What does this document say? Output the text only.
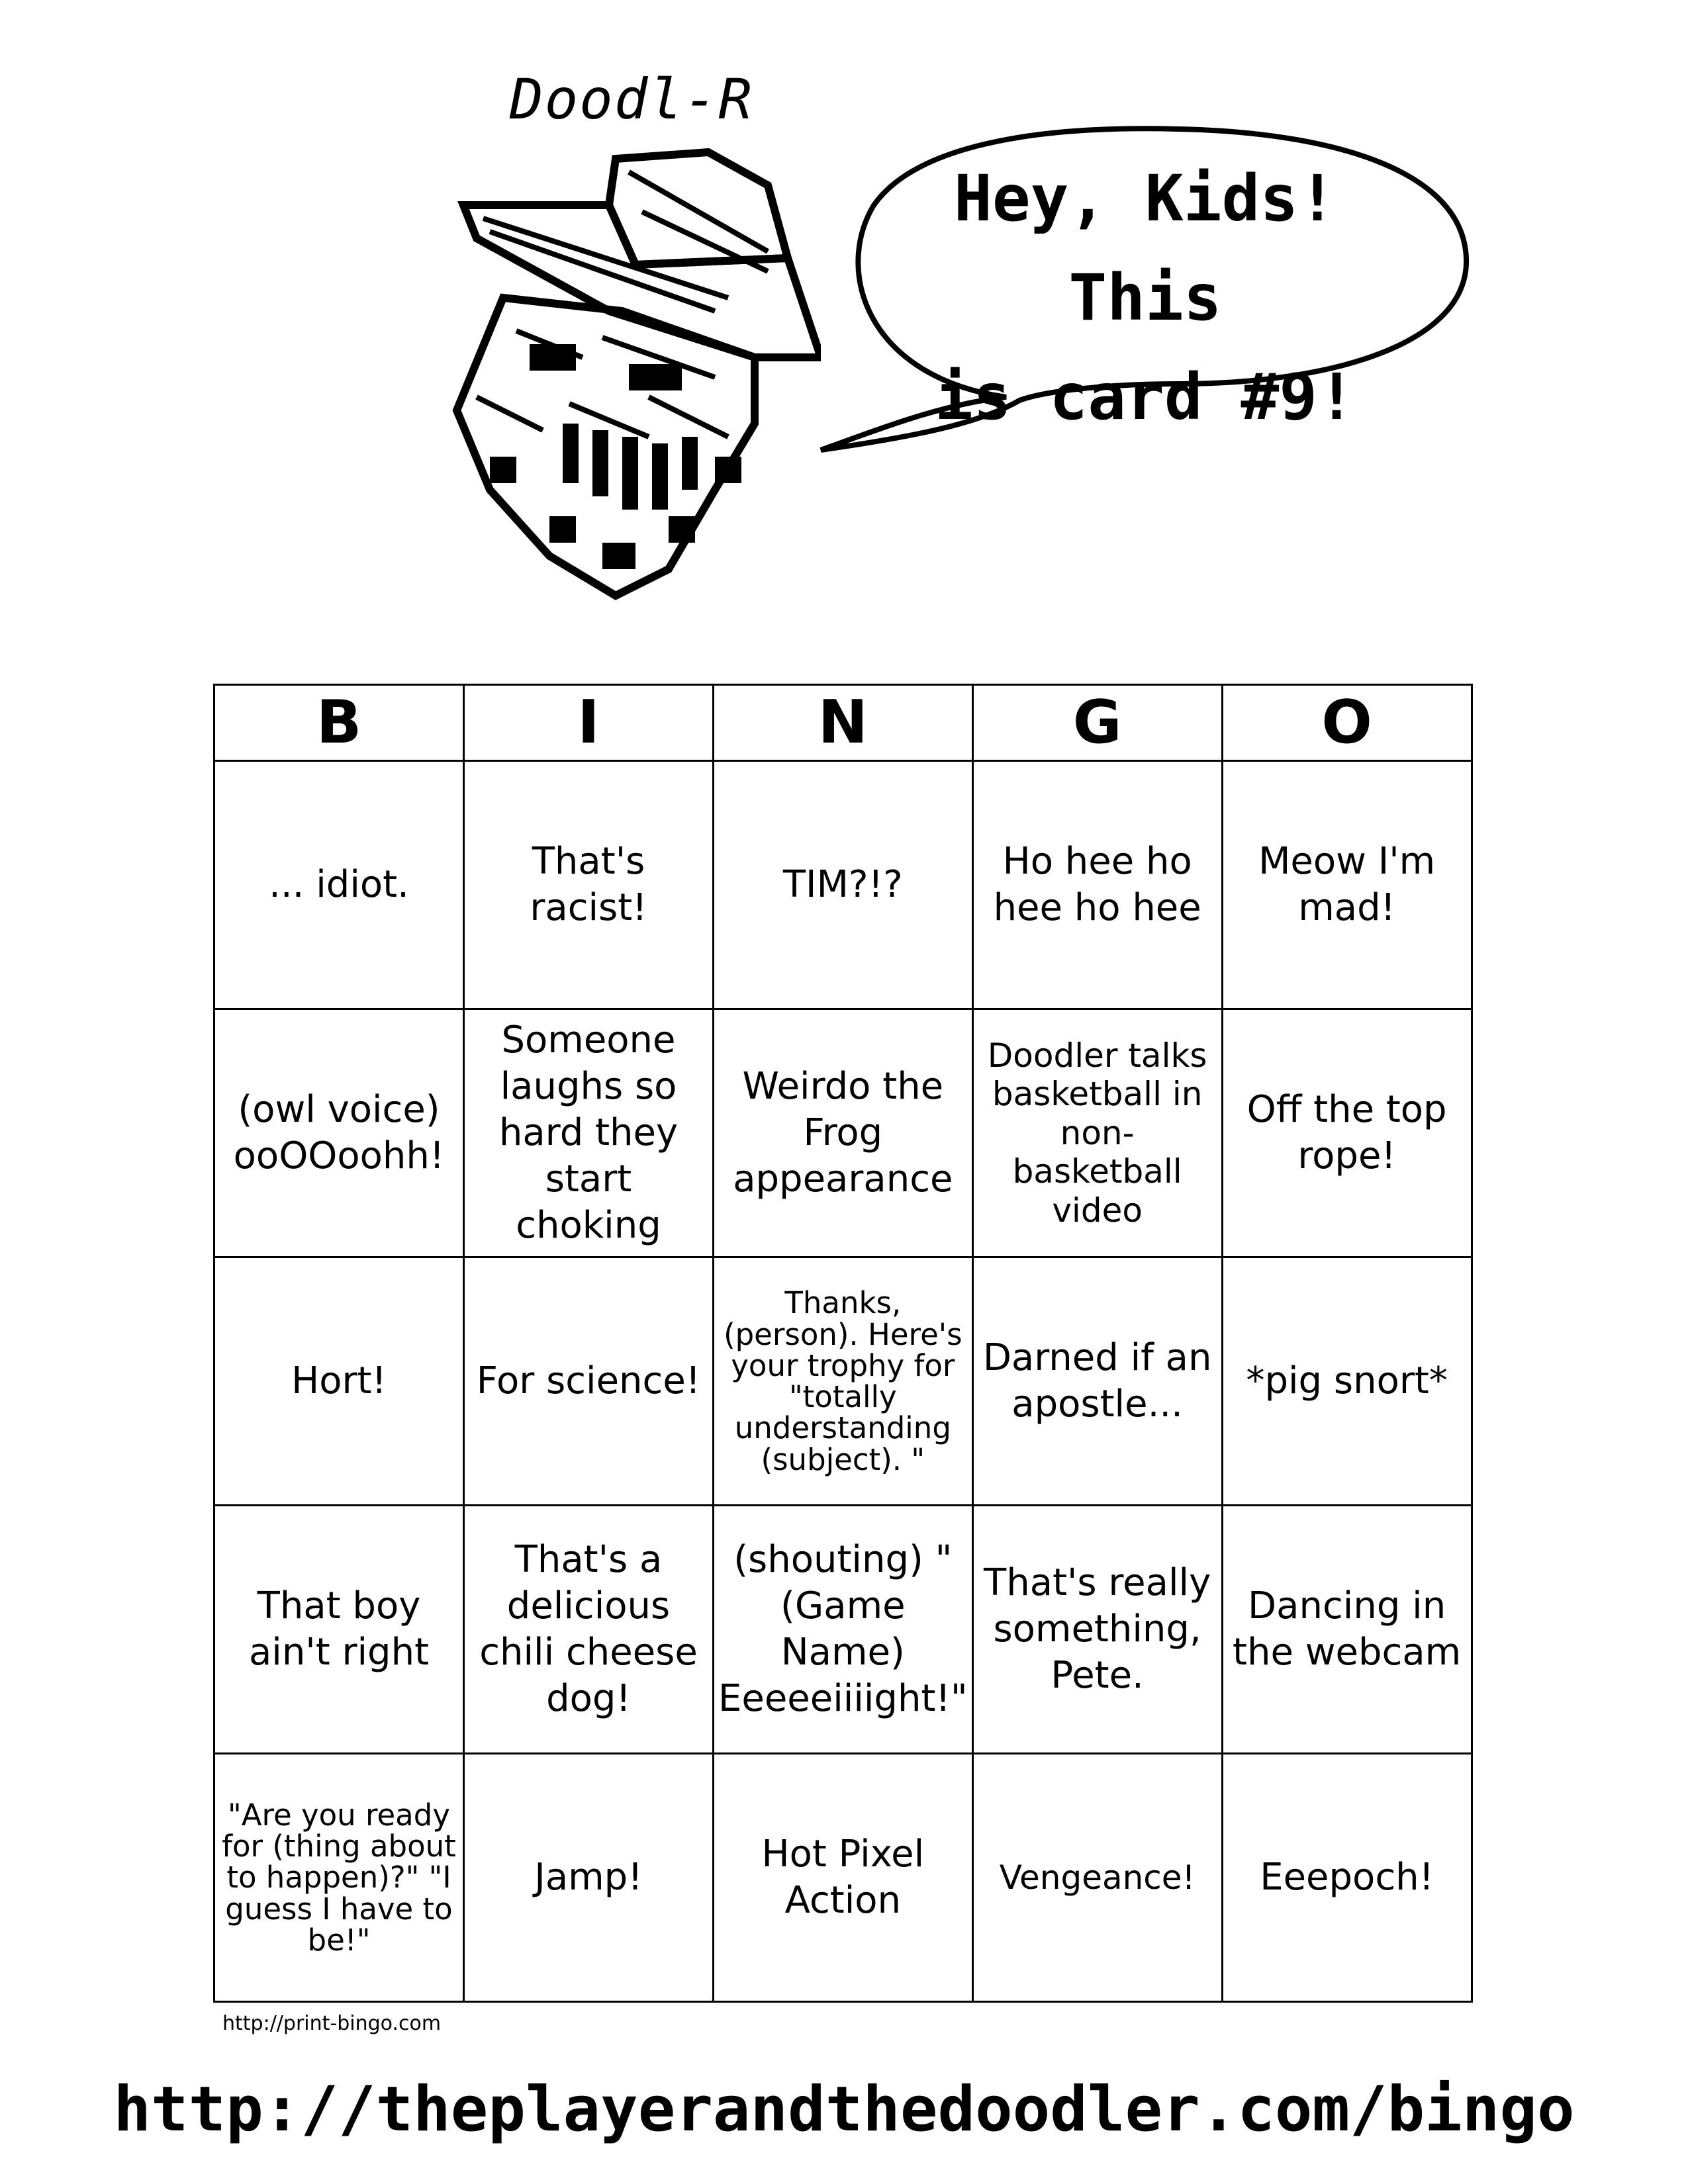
Doodl-R
Hey, Kids! This
is card #9!
B	I	N	G	O
... idiot.	That's racist!	TIM?!?	Ho hee ho hee ho hee	Meow I'm mad!
(owl voice) ooOOoohh!	Someone laughs so hard they start choking	Weirdo the Frog appearance	Doodler talks basketball in non-basketball video	Off the top rope!
Hort!	For science!	Thanks, (person). Here's your trophy for "totally understanding (subject). "	Darned if an apostle...	*pig snort*
That boy ain't right	That's a delicious chili cheese dog!	(shouting) "(Game Name) Eeeeeiiiight!"	That's really something, Pete.	Dancing in the webcam
"Are you ready for (thing about to happen)?" "I guess I have to be!"	Jamp!	Hot Pixel Action	Vengeance!	Eeepoch!
http://print-bingo.com
http://theplayerandthedoodler.com/bingo
